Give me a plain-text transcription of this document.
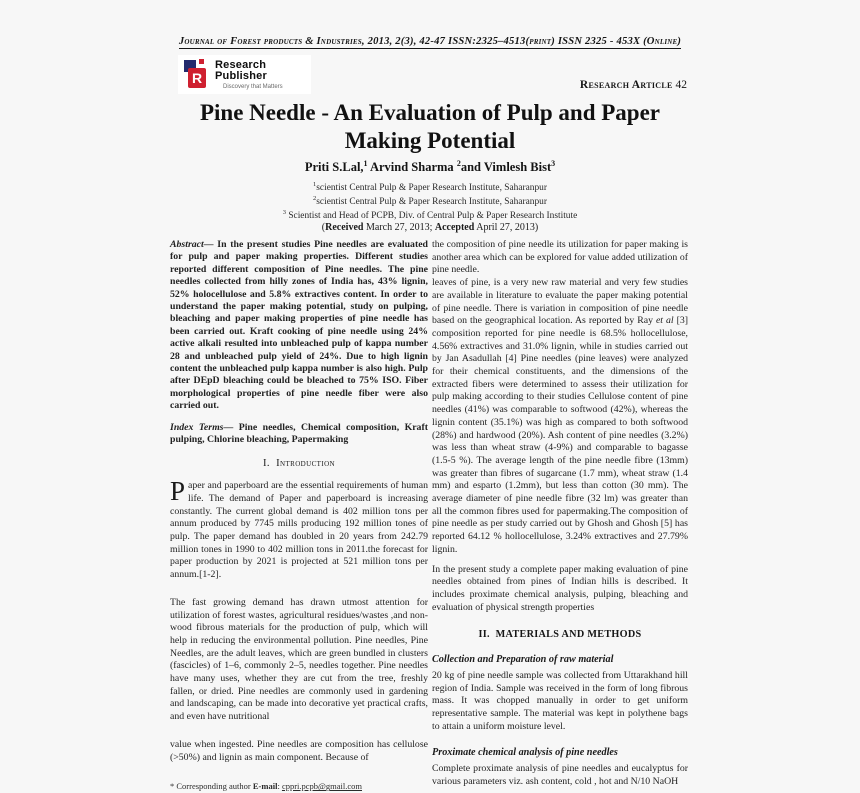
Journal of Forest products & Industries, 2013, 2(3), 42-47 ISSN:2325–4513(print) ISSN 2325 - 453X (Online)
R
Research Publisher
Discovery that Matters	Research Article 42
Pine Needle - An Evaluation of Pulp and Paper
Making Potential
Priti S.Lal,$^1$ Arvind Sharma $^2$and Vimlesh Bist$^3$
$^1$scientist Central Pulp & Paper Research Institute, Saharanpur
$^2$scientist Central Pulp & Paper Research Institute, Saharanpur
$^3$ Scientist and Head of PCPB, Div. of Central Pulp & Paper Research Institute
(Received March 27, 2013; Accepted April 27, 2013)

Abstract— In the present studies Pine needles are evaluated for pulp and paper making properties. Different studies reported different composition of Pine needles. The pine needles collected from hilly zones of India has, 43% lignin, 52% holocellulose and 5.8% extractives content. In order to understand the paper making potential, study on pulping, bleaching and paper making properties of pine needle has been carried out. Kraft cooking of pine needle using 24% active alkali resulted into unbleached pulp of kappa number 28 and unbleached pulp yield of 24%. Due to high lignin content the unbleached pulp kappa number is also high. Pulp after DEpD bleaching could be bleached to 75% ISO. Fiber morphological properties of pine needle fiber were also carried out.

Index Terms— Pine needles, Chemical composition, Kraft pulping, Chlorine bleaching, Papermaking

I. Introduction

Paper and paperboard are the essential requirements of human life. The demand of Paper and paperboard is increasing constantly. The current global demand is 402 million tons per annum produced by 7745 mills producing 192 million tones of pulp. The paper demand has doubled in 20 years from 242.79 million tones in 1990 to 402 million tons in 2011.the forecast for paper production by 2021 is projected at 521 million tons per annum.[1-2].

The fast growing demand has drawn utmost attention for utilization of forest wastes, agricultural residues/wastes ,and non-wood fibrous materials for the production of pulp, which will help in reducing the environmental pollution. Pine needles, Pine Needles, are the adult leaves, which are green bundled in clusters (fascicles) of 1–6, commonly 2–5, needles together. Pine needles have many uses, whether they are cut from the tree, freshly fallen, or dried. Pine needles are commonly used in gardening and landscaping, can be made into decorative yet practical crafts, and even have nutritional

value when ingested. Pine needles are composition has cellulose (>50%) and lignin as main component. Because of

* Corresponding author E-mail: cppri.pcpb@gmail.com

the composition of pine needle its utilization for paper making is another area which can be explored for value added utilization of pine needle.

leaves of pine, is a very new raw material and very few studies are available in literature to evaluate the paper making potential of pine needle. There is variation in composition of pine needle based on the geographical location. As reported by Ray et al [3] composition reported for pine needle is 68.5% hollocellulose, 4.56% extractives and 31.0% lignin, while in studies carried out by Jan Asadullah [4] Pine needles (pine leaves) were analyzed for their chemical constituents, and the dimensions of the extracted fibers were determined to assess their utilization for pulp making according to their studies Cellulose content of pine needles (41%) was comparable to softwood (42%), whereas the lignin content (35.1%) was high as compared to both softwood (28%) and hardwood (20%). Ash content of pine needles (3.2%) was less than wheat straw (4-9%) and comparable to bagasse (1.5-5 %). The average length of the pine needle fibre (13mm) was greater than fibres of sugarcane (1.7 mm), wheat straw (1.4 mm) and esparto (1.2mm), but less than cotton (30 mm). The average diameter of pine needle fibre (32 lm) was greater than all the common fibres used for papermaking.The composition of pine needle as per study carried out by Ghosh and Ghosh [5] has reported 64.12 % hollocellulose, 3.24% extractives and 27.79% lignin.

In the present study a complete paper making evaluation of pine needles obtained from pines of Indian hills is described. It includes proximate chemical analysis, pulping, bleaching and evaluation of physical strength properties

II. MATERIALS AND METHODS

Collection and Preparation of raw material

20 kg of pine needle sample was collected from Uttarakhand hill region of India. Sample was received in the form of long fibrous mass. It was chopped manually in order to get uniform representative sample. The material was kept in polythene bags to attain a uniform moisture level.

Proximate chemical analysis of pine needles

Complete proximate analysis of pine needles and eucalyptus for various parameters viz. ash content, cold , hot and N/10 NaOH
